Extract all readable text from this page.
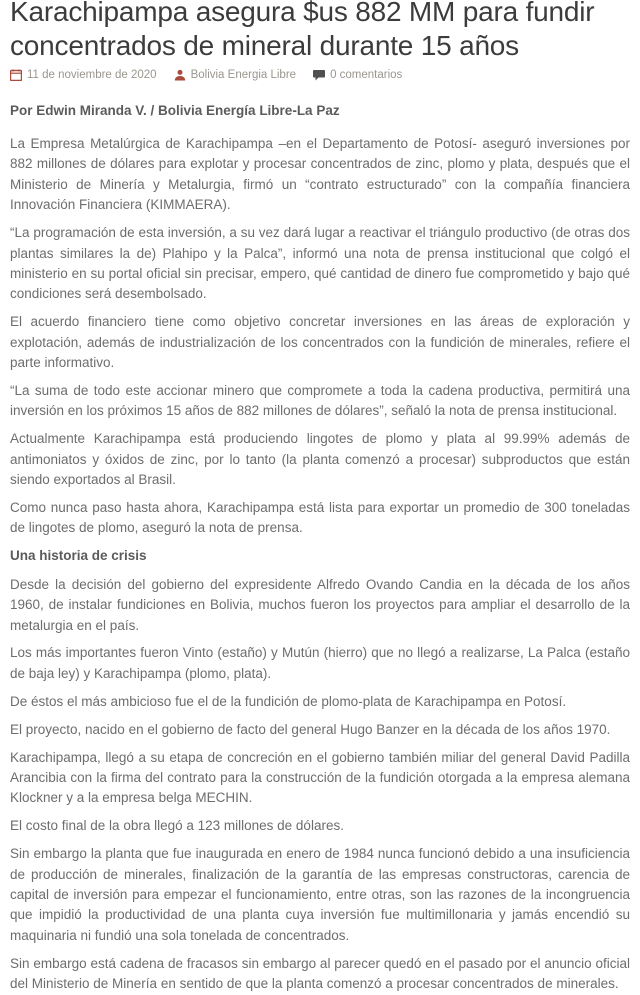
Karachipampa asegura $us 882 MM para fundir concentrados de mineral durante 15 años
11 de noviembre de 2020	Bolivia Energia Libre	0 comentarios

Por Edwin Miranda V. / Bolivia Energía Libre-La Paz

La Empresa Metalúrgica de Karachipampa –en el Departamento de Potosí- aseguró inversiones por 882 millones de dólares para explotar y procesar concentrados de zinc, plomo y plata, después que el Ministerio de Minería y Metalurgia, firmó un “contrato estructurado” con la compañía financiera Innovación Financiera (KIMMAERA).

“La programación de esta inversión, a su vez dará lugar a reactivar el triángulo productivo (de otras dos plantas similares la de) Plahipo y la Palca”, informó una nota de prensa institucional que colgó el ministerio en su portal oficial sin precisar, empero, qué cantidad de dinero fue comprometido y bajo qué condiciones será desembolsado.

El acuerdo financiero tiene como objetivo concretar inversiones en las áreas de exploración y explotación, además de industrialización de los concentrados con la fundición de minerales, refiere el parte informativo.

“La suma de todo este accionar minero que compromete a toda la cadena productiva, permitirá una inversión en los próximos 15 años de 882 millones de dólares”, señaló la nota de prensa institucional.

Actualmente Karachipampa está produciendo lingotes de plomo y plata al 99.99% además de antimoniatos y óxidos de zinc, por lo tanto (la planta comenzó a procesar) subproductos que están siendo exportados al Brasil.

Como nunca paso hasta ahora, Karachipampa está lista para exportar un promedio de 300 toneladas de lingotes de plomo, aseguró la nota de prensa.

Una historia de crisis

Desde la decisión del gobierno del expresidente Alfredo Ovando Candia en la década de los años 1960, de instalar fundiciones en Bolivia, muchos fueron los proyectos para ampliar el desarrollo de la metalurgia en el país.

Los más importantes fueron Vinto (estaño) y Mutún (hierro) que no llegó a realizarse, La Palca (estaño de baja ley) y Karachipampa (plomo, plata).

De éstos el más ambicioso fue el de la fundición de plomo-plata de Karachipampa en Potosí.

El proyecto, nacido en el gobierno de facto del general Hugo Banzer en la década de los años 1970.

Karachipampa, llegó a su etapa de concreción en el gobierno también miliar del general David Padilla Arancibia con la firma del contrato para la construcción de la fundición otorgada a la empresa alemana Klockner y a la empresa belga MECHIN.

El costo final de la obra llegó a 123 millones de dólares.

Sin embargo la planta que fue inaugurada en enero de 1984 nunca funcionó debido a una insuficiencia de producción de minerales, finalización de la garantía de las empresas constructoras, carencia de capital de inversión para empezar el funcionamiento, entre otras, son las razones de la incongruencia que impidió la productividad de una planta cuya inversión fue multimillonaria y jamás encendió su maquinaria ni fundió una sola tonelada de concentrados.

Sin embargo está cadena de fracasos sin embargo al parecer quedó en el pasado por el anuncio oficial del Ministerio de Minería en sentido de que la planta comenzó a procesar concentrados de minerales.
